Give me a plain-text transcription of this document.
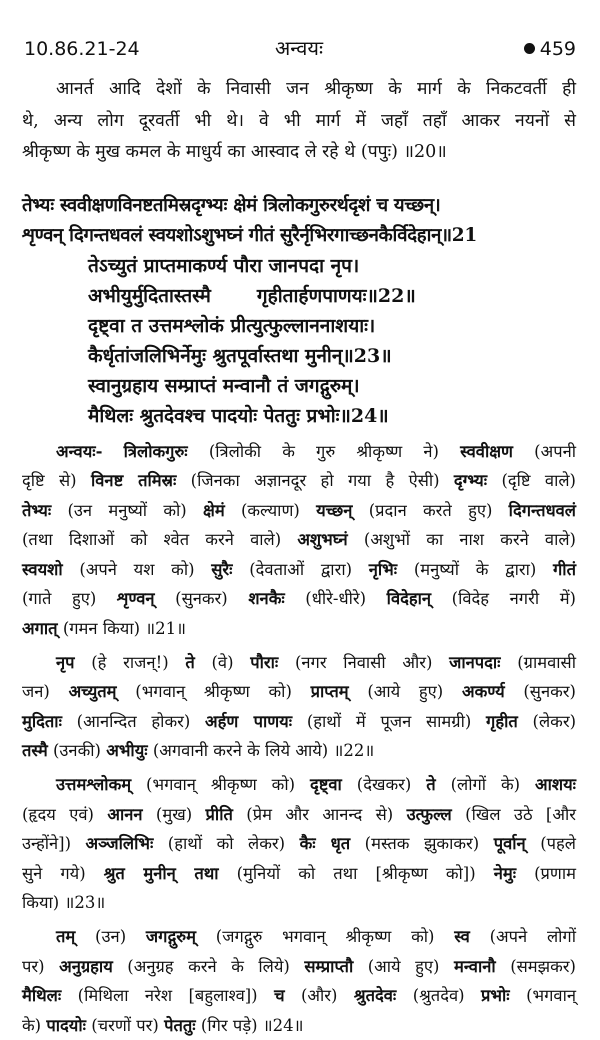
10.86.21-24	अन्वयः	459

आनर्त आदि देशों के निवासी जन श्रीकृष्ण के मार्ग के निकटवर्ती ही
थे, अन्य लोग दूरवर्ती भी थे। वे भी मार्ग में जहाँ तहाँ आकर नयनों से
श्रीकृष्ण के मुख कमल के माधुर्य का आस्वाद ले रहे थे (पपुः) ॥20॥

तेभ्यः स्ववीक्षणविनष्टतमिस्रदृग्भ्यः क्षेमं त्रिलोकगुरुरर्थदृशं च यच्छन्।
शृण्वन् दिगन्तधवलं स्वयशोऽशुभघ्नं गीतं सुरैर्नृभिरगाच्छनकैर्विदेहान्॥21
तेऽच्युतं प्राप्तमाकर्ण्य पौरा जानपदा नृप।
अभीयुर्मुदितास्तस्मै गृहीतार्हणपाणयः॥22॥
दृष्ट्वा त उत्तमश्लोकं प्रीत्युत्फुल्लाननाशयाः।
कैर्धृतांजलिभिर्नेमुः श्रुतपूर्वास्तथा मुनीन्॥23॥
स्वानुग्रहाय सम्प्राप्तं मन्वानौ तं जगद्गुरुम्।
मैथिलः श्रुतदेवश्च पादयोः पेततुः प्रभोः॥24॥
अन्वयः- त्रिलोकगुरुः (त्रिलोकी के गुरु श्रीकृष्ण ने) स्ववीक्षण (अपनी
दृष्टि से) विनष्ट तमिस्रः (जिनका अज्ञानदूर हो गया है ऐसी) दृग्भ्यः (दृष्टि वाले)
तेभ्यः (उन मनुष्यों को) क्षेमं (कल्याण) यच्छन् (प्रदान करते हुए) दिगन्तधवलं
(तथा दिशाओं को श्वेत करने वाले) अशुभघ्नं (अशुभों का नाश करने वाले)
स्वयशो (अपने यश को) सुरैः (देवताओं द्वारा) नृभिः (मनुष्यों के द्वारा) गीतं
(गाते हुए) शृण्वन् (सुनकर) शनकैः (धीरे-धीरे) विदेहान् (विदेह नगरी में)
अगात् (गमन किया) ॥21॥
नृप (हे राजन्!) ते (वे) पौराः (नगर निवासी और) जानपदाः (ग्रामवासी
जन) अच्युतम् (भगवान् श्रीकृष्ण को) प्राप्तम् (आये हुए) अकर्ण्य (सुनकर)
मुदिताः (आनन्दित होकर) अर्हण पाणयः (हाथों में पूजन सामग्री) गृहीत (लेकर)
तस्मै (उनकी) अभीयुः (अगवानी करने के लिये आये) ॥22॥
उत्तमश्लोकम् (भगवान् श्रीकृष्ण को) दृष्ट्वा (देखकर) ते (लोगों के) आशयः
(हृदय एवं) आनन (मुख) प्रीति (प्रेम और आनन्द से) उत्फुल्ल (खिल उठे [और
उन्होंने]) अञ्जलिभिः (हाथों को लेकर) कैः धृत (मस्तक झुकाकर) पूर्वान् (पहले
सुने गये) श्रुत मुनीन् तथा (मुनियों को तथा [श्रीकृष्ण को]) नेमुः (प्रणाम
किया) ॥23॥
तम् (उन) जगद्गुरुम् (जगद्गुरु भगवान् श्रीकृष्ण को) स्व (अपने लोगों
पर) अनुग्रहाय (अनुग्रह करने के लिये) सम्प्राप्तौ (आये हुए) मन्वानौ (समझकर)
मैथिलः (मिथिला नरेश [बहुलाश्व]) च (और) श्रुतदेवः (श्रुतदेव) प्रभोः (भगवान्
के) पादयोः (चरणों पर) पेततुः (गिर पड़े) ॥24॥
